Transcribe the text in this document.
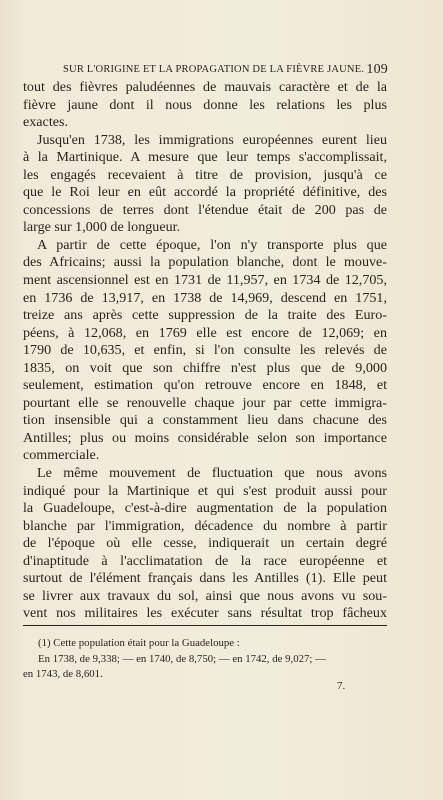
SUR L'ORIGINE ET LA PROPAGATION DE LA FIÈVRE JAUNE. 109
tout des fièvres paludéennes de mauvais caractère et de la
fièvre jaune dont il nous donne les relations les plus
exactes.
Jusqu'en 1738, les immigrations européennes eurent lieu
à la Martinique. A mesure que leur temps s'accomplissait,
les engagés recevaient à titre de provision, jusqu'à ce
que le Roi leur en eût accordé la propriété définitive, des
concessions de terres dont l'étendue était de 200 pas de
large sur 1,000 de longueur.
A partir de cette époque, l'on n'y transporte plus que
des Africains; aussi la population blanche, dont le mouve-
ment ascensionnel est en 1731 de 11,957, en 1734 de 12,705,
en 1736 de 13,917, en 1738 de 14,969, descend en 1751,
treize ans après cette suppression de la traite des Euro-
péens, à 12,068, en 1769 elle est encore de 12,069; en
1790 de 10,635, et enfin, si l'on consulte les relevés de
1835, on voit que son chiffre n'est plus que de 9,000
seulement, estimation qu'on retrouve encore en 1848, et
pourtant elle se renouvelle chaque jour par cette immigra-
tion insensible qui a constamment lieu dans chacune des
Antilles; plus ou moins considérable selon son importance
commerciale.
Le même mouvement de fluctuation que nous avons
indiqué pour la Martinique et qui s'est produit aussi pour
la Guadeloupe, c'est-à-dire augmentation de la population
blanche par l'immigration, décadence du nombre à partir
de l'époque où elle cesse, indiquerait un certain degré
d'inaptitude à l'acclimatation de la race européenne et
surtout de l'élément français dans les Antilles (1). Elle peut
se livrer aux travaux du sol, ainsi que nous avons vu sou-
vent nos militaires les exécuter sans résultat trop fâcheux
(1) Cette population était pour la Guadeloupe :
En 1738, de 9,338; — en 1740, de 8,750; — en 1742, de 9,027; —
en 1743, de 8,601.
7.
